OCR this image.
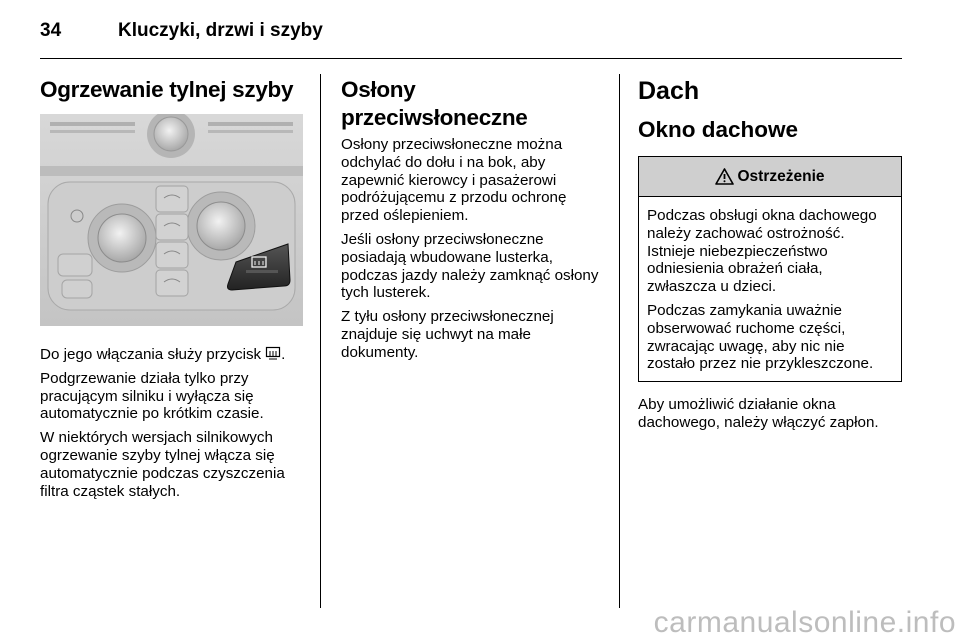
34	Kluczyki, drzwi i szyby
Ogrzewanie tylnej szyby

Do jego włączania służy przycisk .

Podgrzewanie działa tylko przy pracującym silniku i wyłącza się automatycznie po krótkim czasie.

W niektórych wersjach silnikowych ogrzewanie szyby tylnej włącza się automatycznie podczas czyszczenia filtra cząstek stałych.

Osłony przeciwsłoneczne

Osłony przeciwsłoneczne można odchylać do dołu i na bok, aby zapewnić kierowcy i pasażerowi podróżującemu z przodu ochronę przed oślepieniem.

Jeśli osłony przeciwsłoneczne posiadają wbudowane lusterka, podczas jazdy należy zamknąć osłony tych lusterek.

Z tyłu osłony przeciwsłonecznej znajduje się uchwyt na małe dokumenty.

Dach
Okno dachowe
Ostrzeżenie

Podczas obsługi okna dachowego należy zachować ostrożność. Istnieje niebezpieczeństwo odniesienia obrażeń ciała, zwłaszcza u dzieci.

Podczas zamykania uważnie obserwować ruchome części, zwracając uwagę, aby nic nie zostało przez nie przykleszczone.

Aby umożliwić działanie okna dachowego, należy włączyć zapłon.

carmanualsonline.info
